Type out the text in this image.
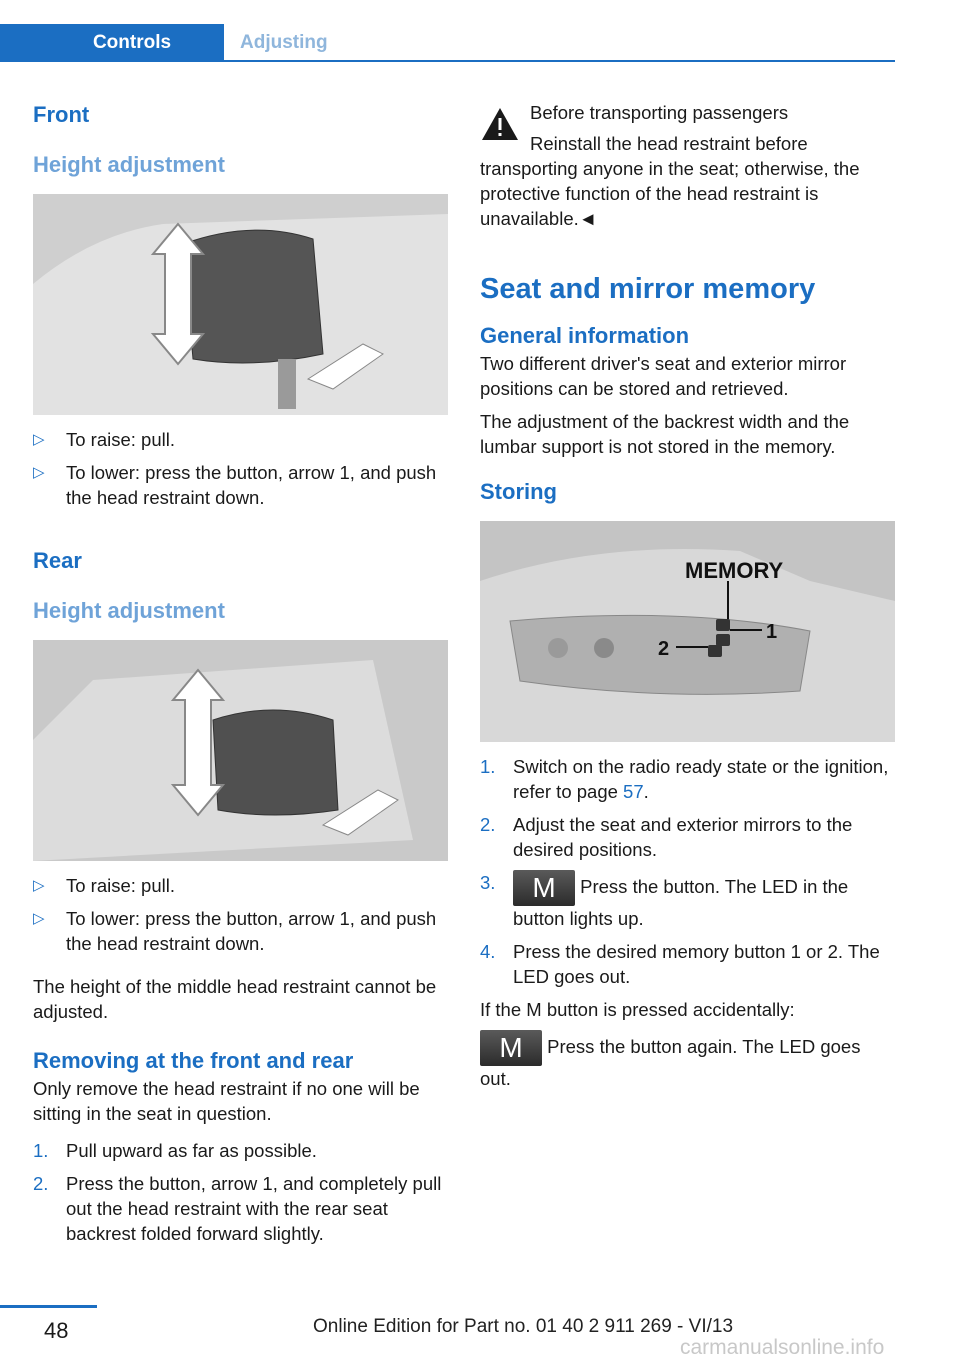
Controls	Adjusting
Front
Height adjustment
▷ To raise: pull.
▷ To lower: press the button, arrow 1, and push the head restraint down.
Rear
Height adjustment
▷ To raise: pull.
▷ To lower: press the button, arrow 1, and push the head restraint down.

The height of the middle head restraint cannot be adjusted.

Removing at the front and rear

Only remove the head restraint if no one will be sitting in the seat in question.

1. Pull upward as far as possible.
2. Press the button, arrow 1, and completely pull out the head restraint with the rear seat backrest folded forward slightly.

Before transporting passengers

Reinstall the head restraint before transporting anyone in the seat; otherwise, the protective function of the head restraint is unavailable.◄

Seat and mirror memory
General information

Two different driver's seat and exterior mirror positions can be stored and retrieved.

The adjustment of the backrest width and the lumbar support is not stored in the memory.

Storing
MEMORY
1
2
1. Switch on the radio ready state or the ignition, refer to page 57.
2. Adjust the seat and exterior mirrors to the desired positions.
3. M Press the button. The LED in the button lights up.
4. Press the desired memory button 1 or 2. The LED goes out.

If the M button is pressed accidentally:

M Press the button again. The LED goes out.

48	Online Edition for Part no. 01 40 2 911 269 - VI/13
carmanualsonline.info
